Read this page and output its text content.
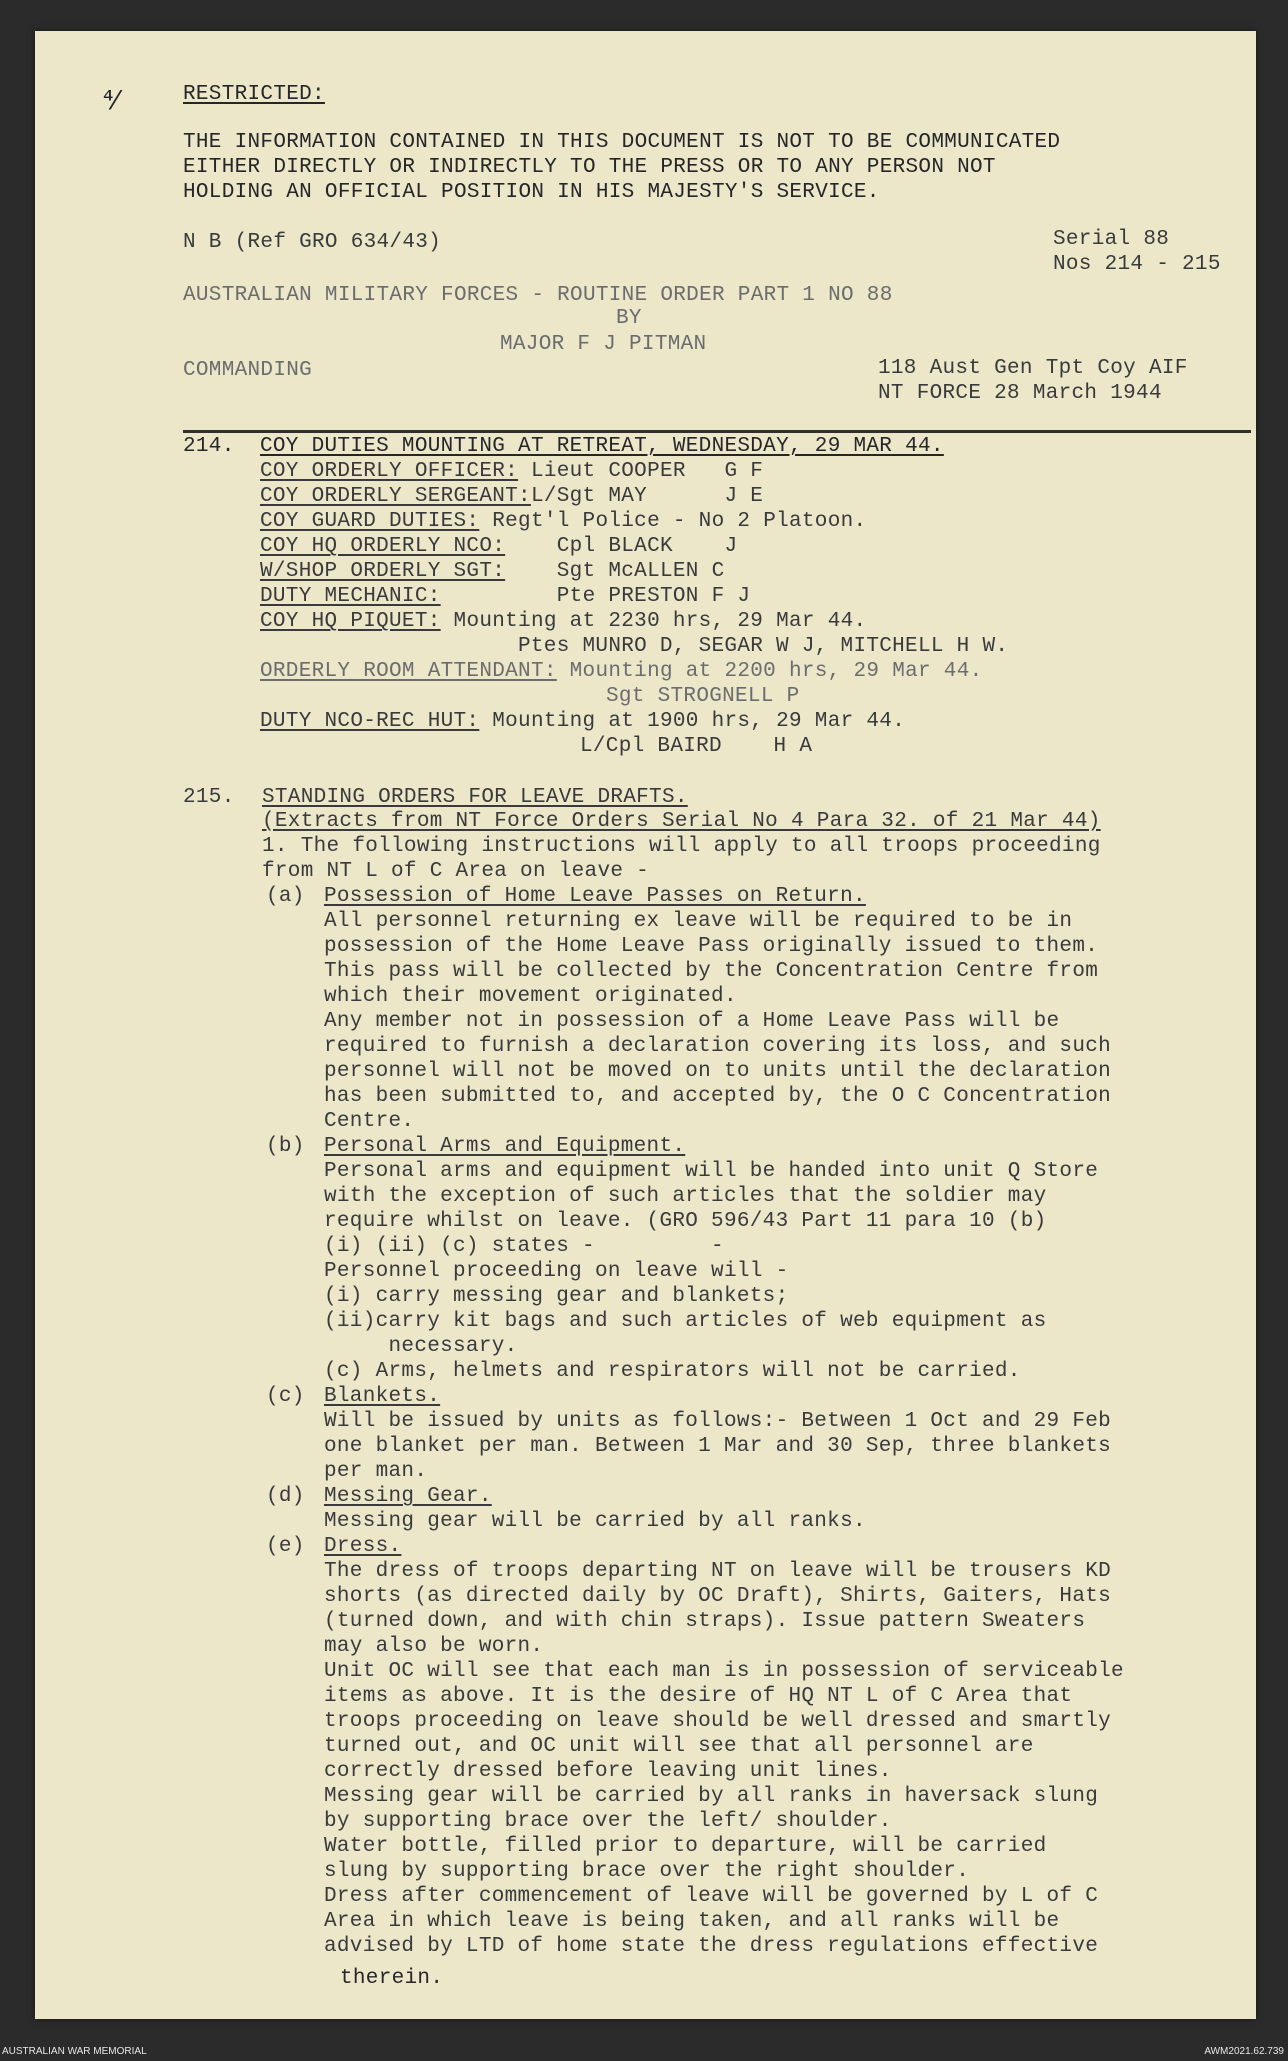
⁴⁄	RESTRICTED:
THE INFORMATION CONTAINED IN THIS DOCUMENT IS NOT TO BE COMMUNICATED
EITHER DIRECTLY OR INDIRECTLY TO THE PRESS OR TO ANY PERSON NOT
HOLDING AN OFFICIAL POSITION IN HIS MAJESTY'S SERVICE.
N B (Ref GRO 634/43)	Serial 88
Nos 214 - 215
AUSTRALIAN MILITARY FORCES - ROUTINE ORDER PART 1 NO 88
BY
MAJOR F J PITMAN
COMMANDING	118 Aust Gen Tpt Coy AIF
NT FORCE 28 March 1944
214. COY DUTIES MOUNTING AT RETREAT, WEDNESDAY, 29 MAR 44.
COY ORDERLY OFFICER: Lieut COOPER   G F
COY ORDERLY SERGEANT:L/Sgt MAY      J E
COY GUARD DUTIES: Regt'l Police - No 2 Platoon.
COY HQ ORDERLY NCO:    Cpl BLACK    J
W/SHOP ORDERLY SGT:    Sgt McALLEN C
DUTY MECHANIC:         Pte PRESTON F J
COY HQ PIQUET: Mounting at 2230 hrs, 29 Mar 44.
Ptes MUNRO D, SEGAR W J, MITCHELL H W.
ORDERLY ROOM ATTENDANT: Mounting at 2200 hrs, 29 Mar 44.
Sgt STROGNELL P
DUTY NCO-REC HUT: Mounting at 1900 hrs, 29 Mar 44.
L/Cpl BAIRD    H A
215. STANDING ORDERS FOR LEAVE DRAFTS.
(Extracts from NT Force Orders Serial No 4 Para 32. of 21 Mar 44)
1. The following instructions will apply to all troops proceeding
from NT L of C Area on leave -
(a) Possession of Home Leave Passes on Return.
All personnel returning ex leave will be required to be in
possession of the Home Leave Pass originally issued to them.
This pass will be collected by the Concentration Centre from
which their movement originated.
Any member not in possession of a Home Leave Pass will be
required to furnish a declaration covering its loss, and such
personnel will not be moved on to units until the declaration
has been submitted to, and accepted by, the O C Concentration
Centre.
(b) Personal Arms and Equipment.
Personal arms and equipment will be handed into unit Q Store
with the exception of such articles that the soldier may
require whilst on leave. (GRO 596/43 Part 11 para 10 (b)
(i) (ii) (c) states -         -
Personnel proceeding on leave will -
(i) carry messing gear and blankets;
(ii)carry kit bags and such articles of web equipment as
necessary.
(c) Arms, helmets and respirators will not be carried.
(c) Blankets.
Will be issued by units as follows:- Between 1 Oct and 29 Feb
one blanket per man. Between 1 Mar and 30 Sep, three blankets
per man.
(d) Messing Gear.
Messing gear will be carried by all ranks.
(e) Dress.
The dress of troops departing NT on leave will be trousers KD
shorts (as directed daily by OC Draft), Shirts, Gaiters, Hats
(turned down, and with chin straps). Issue pattern Sweaters
may also be worn.
Unit OC will see that each man is in possession of serviceable
items as above. It is the desire of HQ NT L of C Area that
troops proceeding on leave should be well dressed and smartly
turned out, and OC unit will see that all personnel are
correctly dressed before leaving unit lines.
Messing gear will be carried by all ranks in haversack slung
by supporting brace over the left/ shoulder.
Water bottle, filled prior to departure, will be carried
slung by supporting brace over the right shoulder.
Dress after commencement of leave will be governed by L of C
Area in which leave is being taken, and all ranks will be
advised by LTD of home state the dress regulations effective
therein.
AUSTRALIAN WAR MEMORIAL	AWM2021.62.739
